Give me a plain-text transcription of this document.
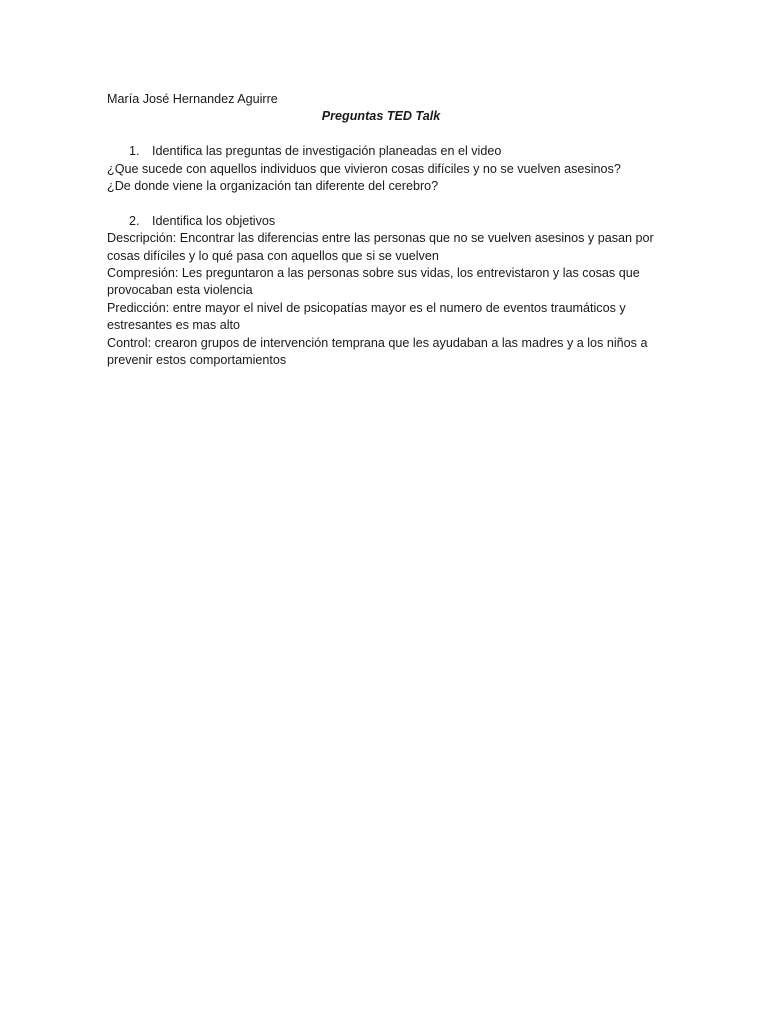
María José Hernandez Aguirre

Preguntas TED Talk

1. Identifica las preguntas de investigación planeadas en el video

¿Que sucede con aquellos individuos que vivieron cosas difíciles y no se vuelven asesinos?

¿De donde viene la organización tan diferente del cerebro?

2. Identifica los objetivos

Descripción: Encontrar las diferencias entre las personas que no se vuelven asesinos y pasan por cosas difíciles y lo qué pasa con aquellos que si se vuelven

Compresión: Les preguntaron a las personas sobre sus vidas, los entrevistaron y las cosas que provocaban esta violencia

Predicción: entre mayor el nivel de psicopatías mayor es el numero de eventos traumáticos y estresantes es mas alto

Control: crearon grupos de intervención temprana que les ayudaban a las madres y a los niños a prevenir estos comportamientos
